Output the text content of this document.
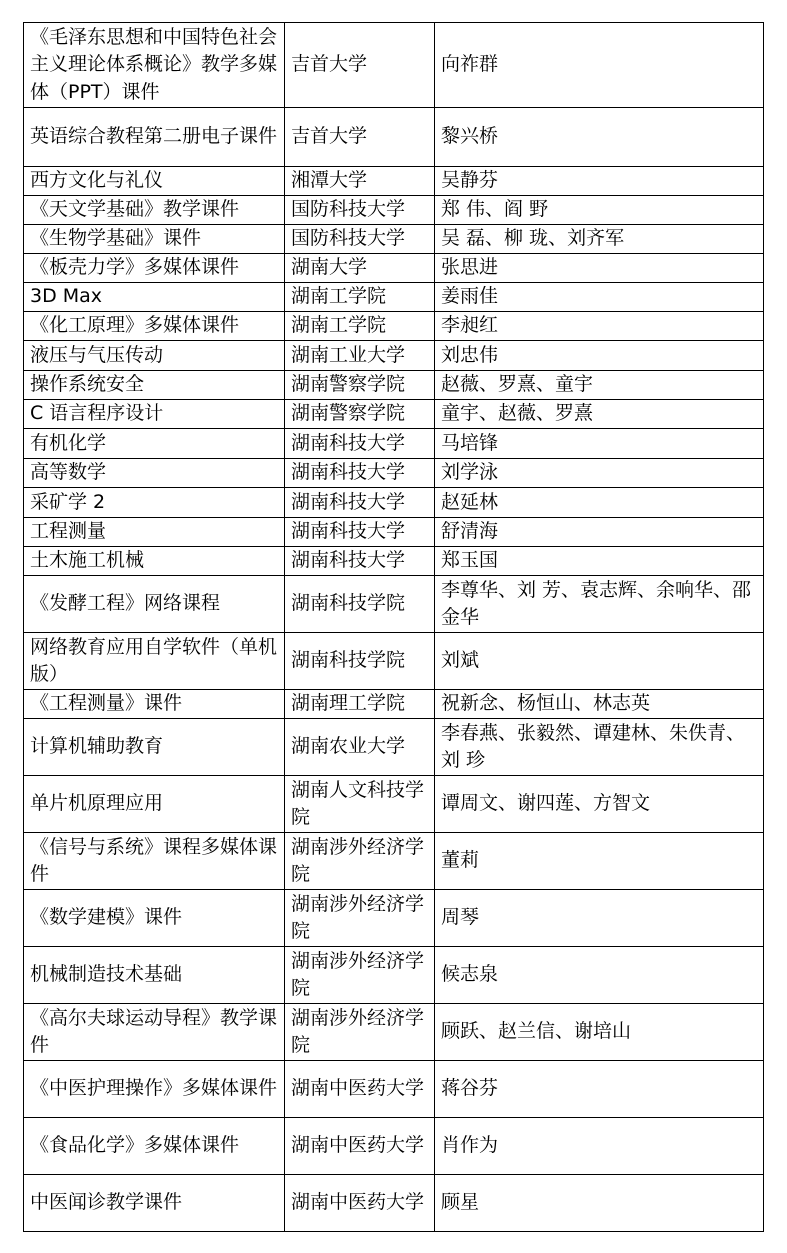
《毛泽东思想和中国特色社会主义理论体系概论》教学多媒体（PPT）课件	吉首大学	向祚群
英语综合教程第二册电子课件	吉首大学	黎兴桥
西方文化与礼仪	湘潭大学	吴静芬
《天文学基础》教学课件	国防科技大学	郑 伟、阎 野
《生物学基础》课件	国防科技大学	吴 磊、柳 珑、刘齐军
《板壳力学》多媒体课件	湖南大学	张思进
3D Max	湖南工学院	姜雨佳
《化工原理》多媒体课件	湖南工学院	李昶红
液压与气压传动	湖南工业大学	刘忠伟
操作系统安全	湖南警察学院	赵薇、罗熹、童宇
C 语言程序设计	湖南警察学院	童宇、赵薇、罗熹
有机化学	湖南科技大学	马培锋
高等数学	湖南科技大学	刘学泳
采矿学 2	湖南科技大学	赵延林
工程测量	湖南科技大学	舒清海
土木施工机械	湖南科技大学	郑玉国
《发酵工程》网络课程	湖南科技学院	李尊华、刘 芳、袁志辉、余响华、邵金华
网络教育应用自学软件（单机版）	湖南科技学院	刘斌
《工程测量》课件	湖南理工学院	祝新念、杨恒山、林志英
计算机辅助教育	湖南农业大学	李春燕、张毅然、谭建林、朱佚青、刘 珍
单片机原理应用	湖南人文科技学院	谭周文、谢四莲、方智文
《信号与系统》课程多媒体课件	湖南涉外经济学院	董莉
《数学建模》课件	湖南涉外经济学院	周琴
机械制造技术基础	湖南涉外经济学院	候志泉
《高尔夫球运动导程》教学课件	湖南涉外经济学院	顾跃、赵兰信、谢培山
《中医护理操作》多媒体课件	湖南中医药大学	蒋谷芬
《食品化学》多媒体课件	湖南中医药大学	肖作为
中医闻诊教学课件	湖南中医药大学	顾星
